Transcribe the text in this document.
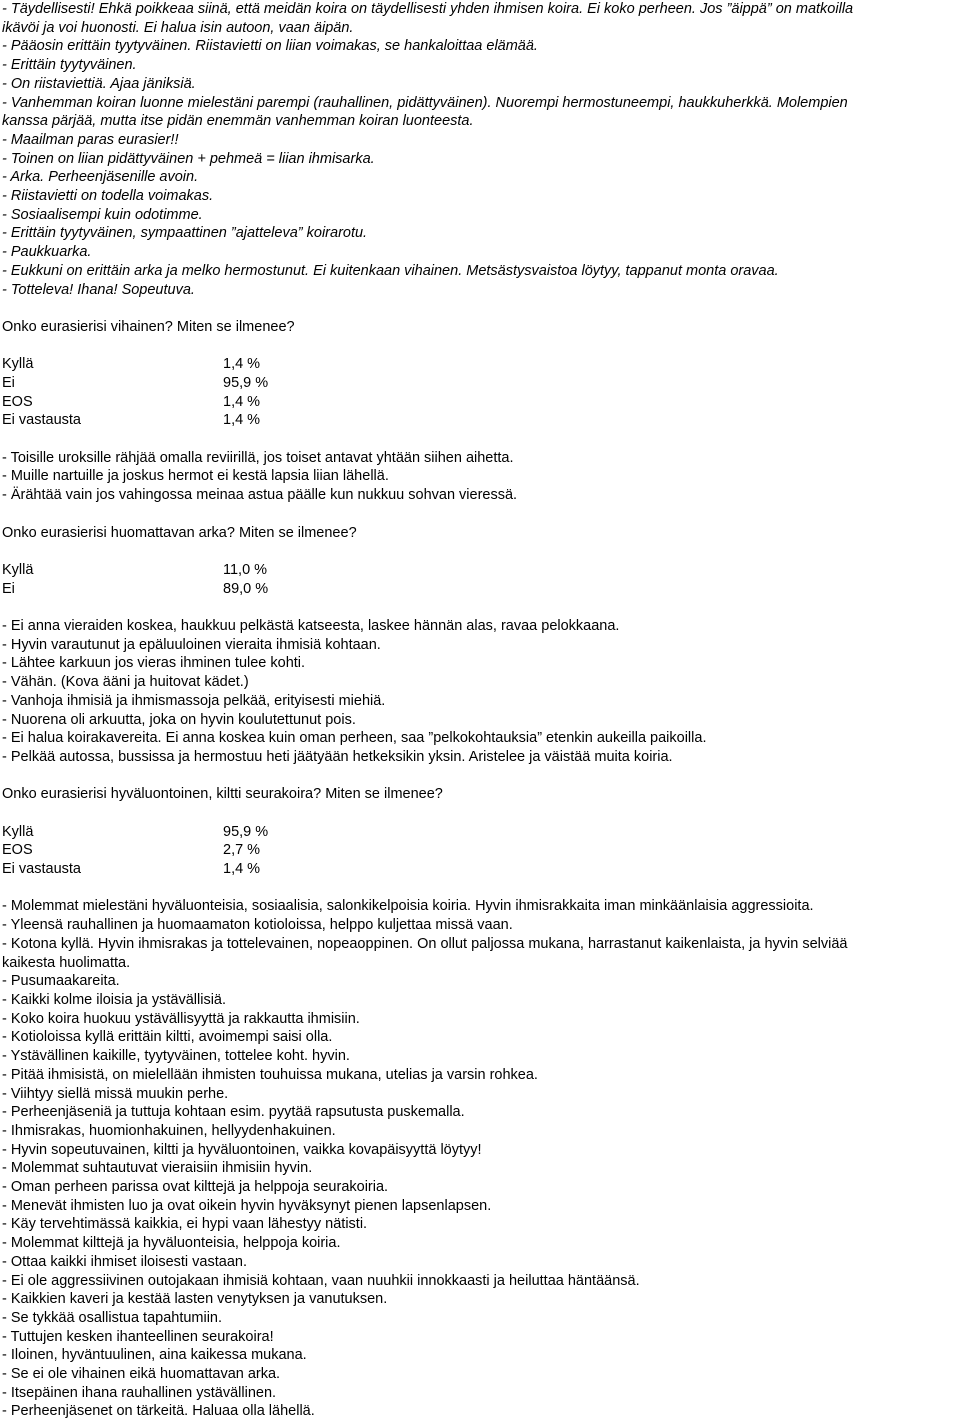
- Täydellisesti! Ehkä poikkeaa siinä, että meidän koira on täydellisesti yhden ihmisen koira. Ei koko perheen. Jos ”äippä” on matkoilla

ikävöi ja voi huonosti. Ei halua isin autoon, vaan äipän.

- Pääosin erittäin tyytyväinen. Riistavietti on liian voimakas, se hankaloittaa elämää.

- Erittäin tyytyväinen.

- On riistaviettiä. Ajaa jäniksiä.

- Vanhemman koiran luonne mielestäni parempi (rauhallinen, pidättyväinen). Nuorempi hermostuneempi, haukkuherkkä. Molempien

kanssa pärjää, mutta itse pidän enemmän vanhemman koiran luonteesta.

- Maailman paras eurasier!!

- Toinen on liian pidättyväinen + pehmeä = liian ihmisarka.

- Arka. Perheenjäsenille avoin.

- Riistavietti on todella voimakas.

- Sosiaalisempi kuin odotimme.

- Erittäin tyytyväinen, sympaattinen ”ajatteleva” koirarotu.

- Paukkuarka.

- Eukkuni on erittäin arka ja melko hermostunut. Ei kuitenkaan vihainen. Metsästysvaistoa löytyy, tappanut monta oravaa.

- Totteleva! Ihana! Sopeutuva.

Onko eurasierisi vihainen? Miten se ilmenee?

Kyllä	1,4 %
Ei	95,9 %
EOS	1,4 %
Ei vastausta	1,4 %

- Toisille uroksille rähjää omalla reviirillä, jos toiset antavat yhtään siihen aihetta.

- Muille nartuille ja joskus hermot ei kestä lapsia liian lähellä.

- Ärähtää vain jos vahingossa meinaa astua päälle kun nukkuu sohvan vieressä.

Onko eurasierisi huomattavan arka? Miten se ilmenee?

Kyllä	11,0 %
Ei	89,0 %

- Ei anna vieraiden koskea, haukkuu pelkästä katseesta, laskee hännän alas, ravaa pelokkaana.

- Hyvin varautunut ja epäluuloinen vieraita ihmisiä kohtaan.

- Lähtee karkuun jos vieras ihminen tulee kohti.

- Vähän. (Kova ääni ja huitovat kädet.)

- Vanhoja ihmisiä ja ihmismassoja pelkää, erityisesti miehiä.

- Nuorena oli arkuutta, joka on hyvin koulutettunut pois.

- Ei halua koirakavereita. Ei anna koskea kuin oman perheen, saa ”pelkokohtauksia” etenkin aukeilla paikoilla.

- Pelkää autossa, bussissa ja hermostuu heti jäätyään hetkeksikin yksin. Aristelee ja väistää muita koiria.

Onko eurasierisi hyväluontoinen, kiltti seurakoira? Miten se ilmenee?

Kyllä	95,9 %
EOS	2,7 %
Ei vastausta	1,4 %

- Molemmat mielestäni hyväluonteisia, sosiaalisia, salonkikelpoisia koiria. Hyvin ihmisrakkaita iman minkäänlaisia aggressioita.

- Yleensä rauhallinen ja huomaamaton kotioloissa, helppo kuljettaa missä vaan.

- Kotona kyllä. Hyvin ihmisrakas ja tottelevainen, nopeaoppinen. On ollut paljossa mukana, harrastanut kaikenlaista, ja hyvin selviää

kaikesta huolimatta.

- Pusumaakareita.

- Kaikki kolme iloisia ja ystävällisiä.

- Koko koira huokuu ystävällisyyttä ja rakkautta ihmisiin.

- Kotioloissa kyllä erittäin kiltti, avoimempi saisi olla.

- Ystävällinen kaikille, tyytyväinen, tottelee koht. hyvin.

- Pitää ihmisistä, on mielellään ihmisten touhuissa mukana, utelias ja varsin rohkea.

- Viihtyy siellä missä muukin perhe.

- Perheenjäseniä ja tuttuja kohtaan esim. pyytää rapsutusta puskemalla.

- Ihmisrakas, huomionhakuinen, hellyydenhakuinen.

- Hyvin sopeutuvainen, kiltti ja hyväluontoinen, vaikka kovapäisyyttä löytyy!

- Molemmat suhtautuvat vieraisiin ihmisiin hyvin.

- Oman perheen parissa ovat kilttejä ja helppoja seurakoiria.

- Menevät ihmisten luo ja ovat oikein hyvin hyväksynyt pienen lapsenlapsen.

- Käy tervehtimässä kaikkia, ei hypi vaan lähestyy nätisti.

- Molemmat kilttejä ja hyväluonteisia, helppoja koiria.

- Ottaa kaikki ihmiset iloisesti vastaan.

- Ei ole aggressiivinen outojakaan ihmisiä kohtaan, vaan nuuhkii innokkaasti ja heiluttaa häntäänsä.

- Kaikkien kaveri ja kestää lasten venytyksen ja vanutuksen.

- Se tykkää osallistua tapahtumiin.

- Tuttujen kesken ihanteellinen seurakoira!

- Iloinen, hyväntuulinen, aina kaikessa mukana.

- Se ei ole vihainen eikä huomattavan arka.

- Itsepäinen ihana rauhallinen ystävällinen.

- Perheenjäsenet on tärkeitä. Haluaa olla lähellä.
